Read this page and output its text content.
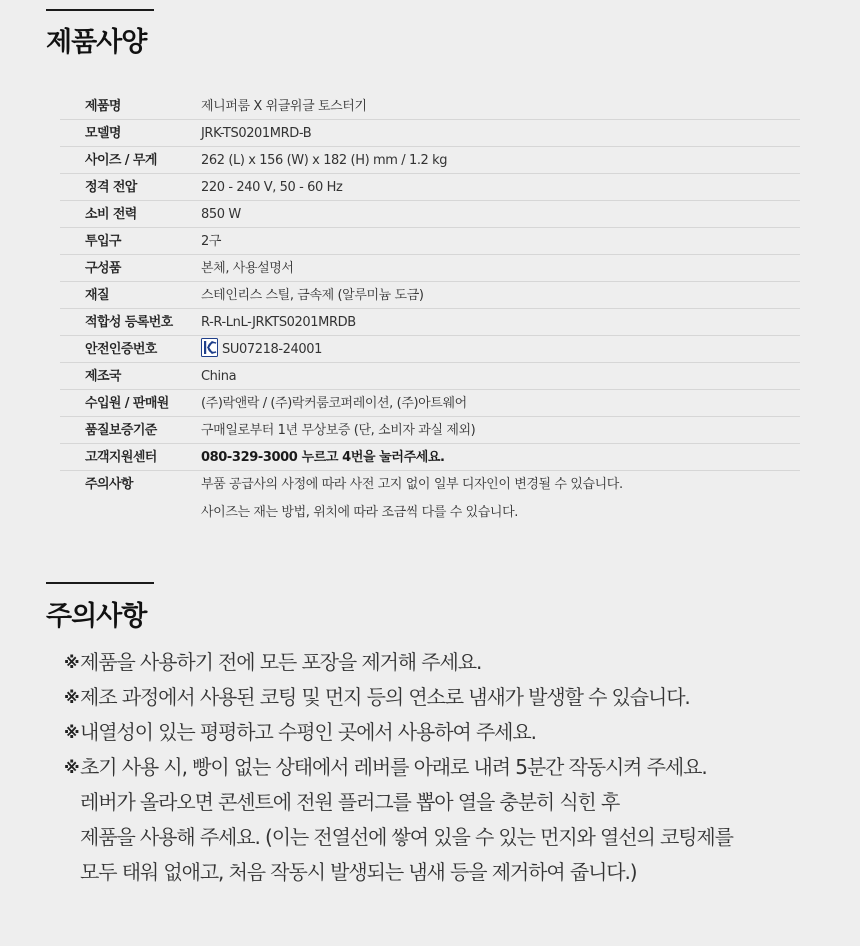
제품사양
제품명	제니퍼룸 X 위글위글 토스터기
모델명	JRK-TS0201MRD-B
사이즈 / 무게	262 (L) x 156 (W) x 182 (H) mm / 1.2 kg
정격 전압	220 - 240 V, 50 - 60 Hz
소비 전력	850 W
투입구	2구
구성품	본체, 사용설명서
재질	스테인리스 스틸, 금속제 (알루미늄 도금)
적합성 등록번호	R-R-LnL-JRKTS0201MRDB
안전인증번호	SU07218-24001
제조국	China
수입원 / 판매원	(주)락앤락 / (주)락커룸코퍼레이션, (주)아트웨어
품질보증기준	구매일로부터 1년 무상보증 (단, 소비자 과실 제외)
고객지원센터	080-329-3000 누르고 4번을 눌러주세요.
주의사항	부품 공급사의 사정에 따라 사전 고지 없이 일부 디자인이 변경될 수 있습니다.
사이즈는 재는 방법, 위치에 따라 조금씩 다를 수 있습니다.
주의사항
※ 제품을 사용하기 전에 모든 포장을 제거해 주세요.
※ 제조 과정에서 사용된 코팅 및 먼지 등의 연소로 냄새가 발생할 수 있습니다.
※ 내열성이 있는 평평하고 수평인 곳에서 사용하여 주세요.
※ 초기 사용 시, 빵이 없는 상태에서 레버를 아래로 내려 5분간 작동시켜 주세요.
레버가 올라오면 콘센트에 전원 플러그를 뽑아 열을 충분히 식힌 후
제품을 사용해 주세요. (이는 전열선에 쌓여 있을 수 있는 먼지와 열선의 코팅제를
모두 태워 없애고, 처음 작동시 발생되는 냄새 등을 제거하여 줍니다.)
